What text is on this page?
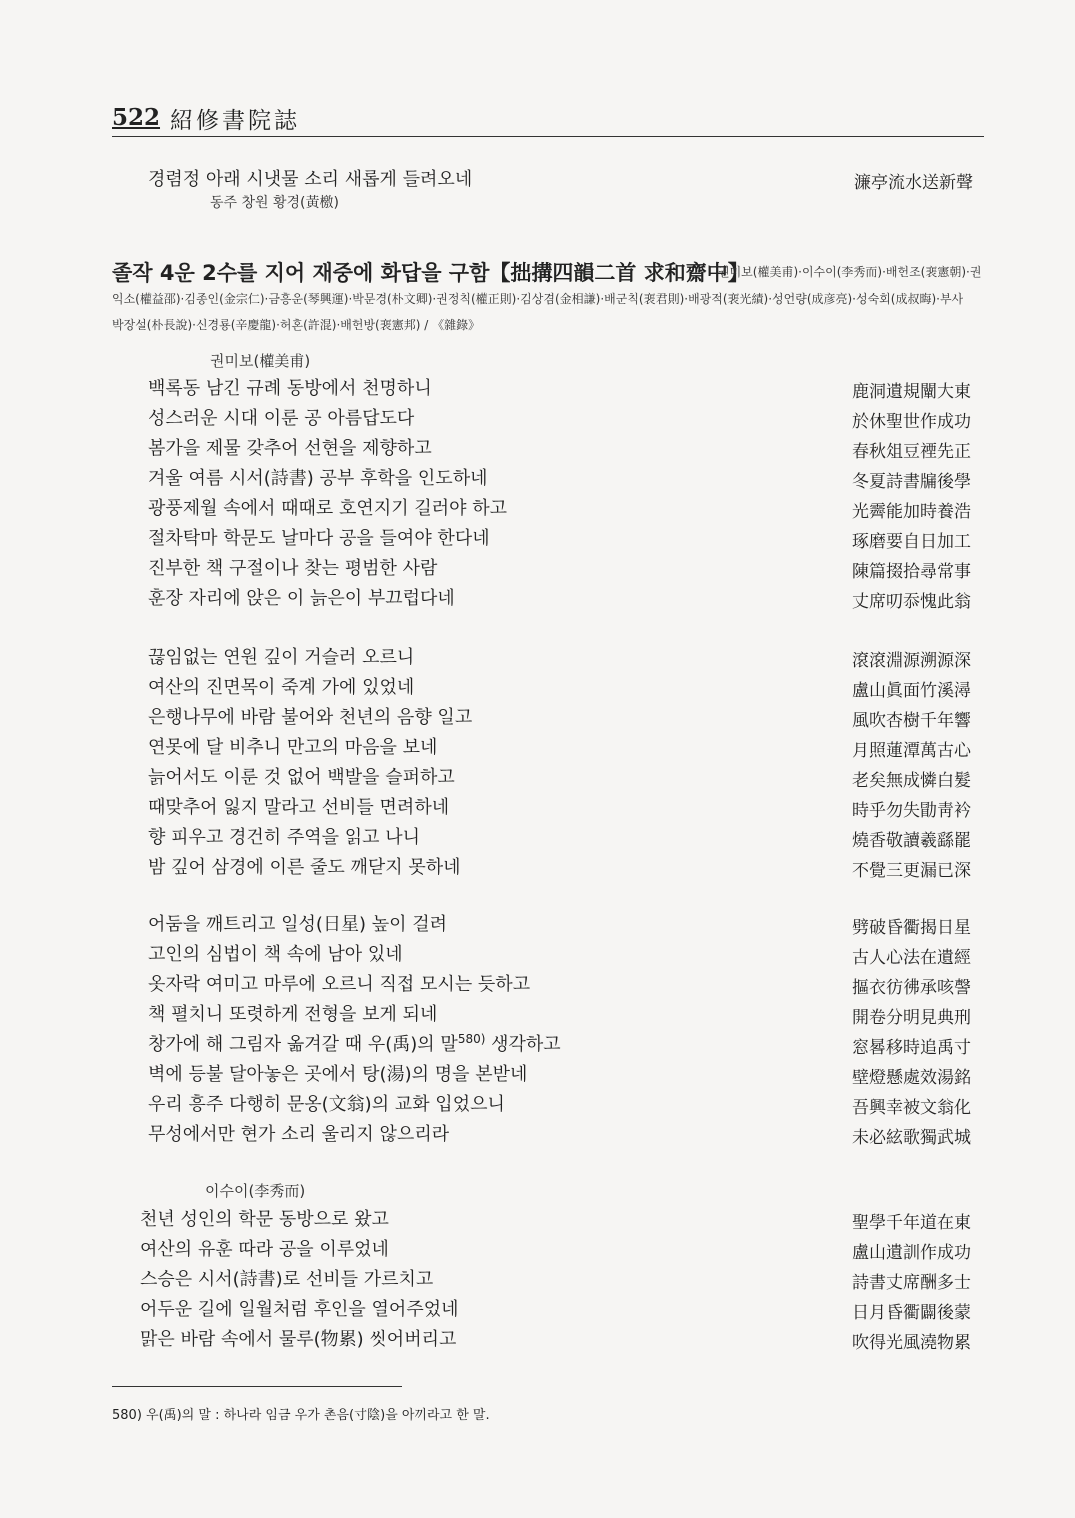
522 紹修書院誌
경렴정 아래 시냇물 소리 새롭게 들려오네	濂亭流水送新聲
동주 창원 황경(黃檄)
졸작 4운 2수를 지어 재중에 화답을 구함【拙搆四韻二首 求和齋中】
권미보(權美甫)·이수이(李秀而)·배헌조(裵憲朝)·권
익소(權益邵)·김종인(金宗仁)·금흥운(琴興運)·박문경(朴文卿)·권정칙(權正則)·김상겸(金相謙)·배군칙(裵君則)·배광적(裵光績)·성언량(成彦亮)·성숙회(成叔晦)·부사
박장설(朴長說)·신경룡(辛慶龍)·허혼(許混)·배헌방(裵憲邦) / 《雜錄》
권미보(權美甫)
백록동 남긴 규례 동방에서 천명하니
성스러운 시대 이룬 공 아름답도다
봄가을 제물 갖추어 선현을 제향하고
겨울 여름 시서(詩書) 공부 후학을 인도하네
광풍제월 속에서 때때로 호연지기 길러야 하고
절차탁마 학문도 날마다 공을 들여야 한다네
진부한 책 구절이나 찾는 평범한 사람
훈장 자리에 앉은 이 늙은이 부끄럽다네
鹿洞遺規闡大東
於休聖世作成功
春秋俎豆禋先正
冬夏詩書牖後學
光霽能加時養浩
琢磨要自日加工
陳篇掇拾尋常事
丈席叨忝愧此翁
끊임없는 연원 깊이 거슬러 오르니
여산의 진면목이 죽계 가에 있었네
은행나무에 바람 불어와 천년의 음향 일고
연못에 달 비추니 만고의 마음을 보네
늙어서도 이룬 것 없어 백발을 슬퍼하고
때맞추어 잃지 말라고 선비들 면려하네
향 피우고 경건히 주역을 읽고 나니
밤 깊어 삼경에 이른 줄도 깨닫지 못하네
滾滾淵源溯源深
盧山眞面竹溪潯
風吹杏樹千年響
月照蓮潭萬古心
老矣無成憐白髮
時乎勿失勖靑衿
燒香敬讀羲繇罷
不覺三更漏已深
어둠을 깨트리고 일성(日星) 높이 걸려
고인의 심법이 책 속에 남아 있네
옷자락 여미고 마루에 오르니 직접 모시는 듯하고
책 펼치니 또렷하게 전형을 보게 되네
창가에 해 그림자 옮겨갈 때 우(禹)의 말$^{580)}$ 생각하고
벽에 등불 달아놓은 곳에서 탕(湯)의 명을 본받네
우리 흥주 다행히 문옹(文翁)의 교화 입었으니
무성에서만 현가 소리 울리지 않으리라
劈破昏衢揭日星
古人心法在遺經
摳衣彷彿承咳謦
開卷分明見典刑
窓晷移時追禹寸
壁燈懸處效湯銘
吾興幸被文翁化
未必絃歌獨武城
천년 성인의 학문 동방으로 왔고
여산의 유훈 따라 공을 이루었네
스승은 시서(詩書)로 선비들 가르치고
어두운 길에 일월처럼 후인을 열어주었네
맑은 바람 속에서 물루(物累) 씻어버리고
聖學千年道在東
盧山遺訓作成功
詩書丈席酬多士
日月昏衢闢後蒙
吹得光風澆物累
이수이(李秀而)
580) 우(禹)의 말 : 하나라 임금 우가 촌음(寸陰)을 아끼라고 한 말.
